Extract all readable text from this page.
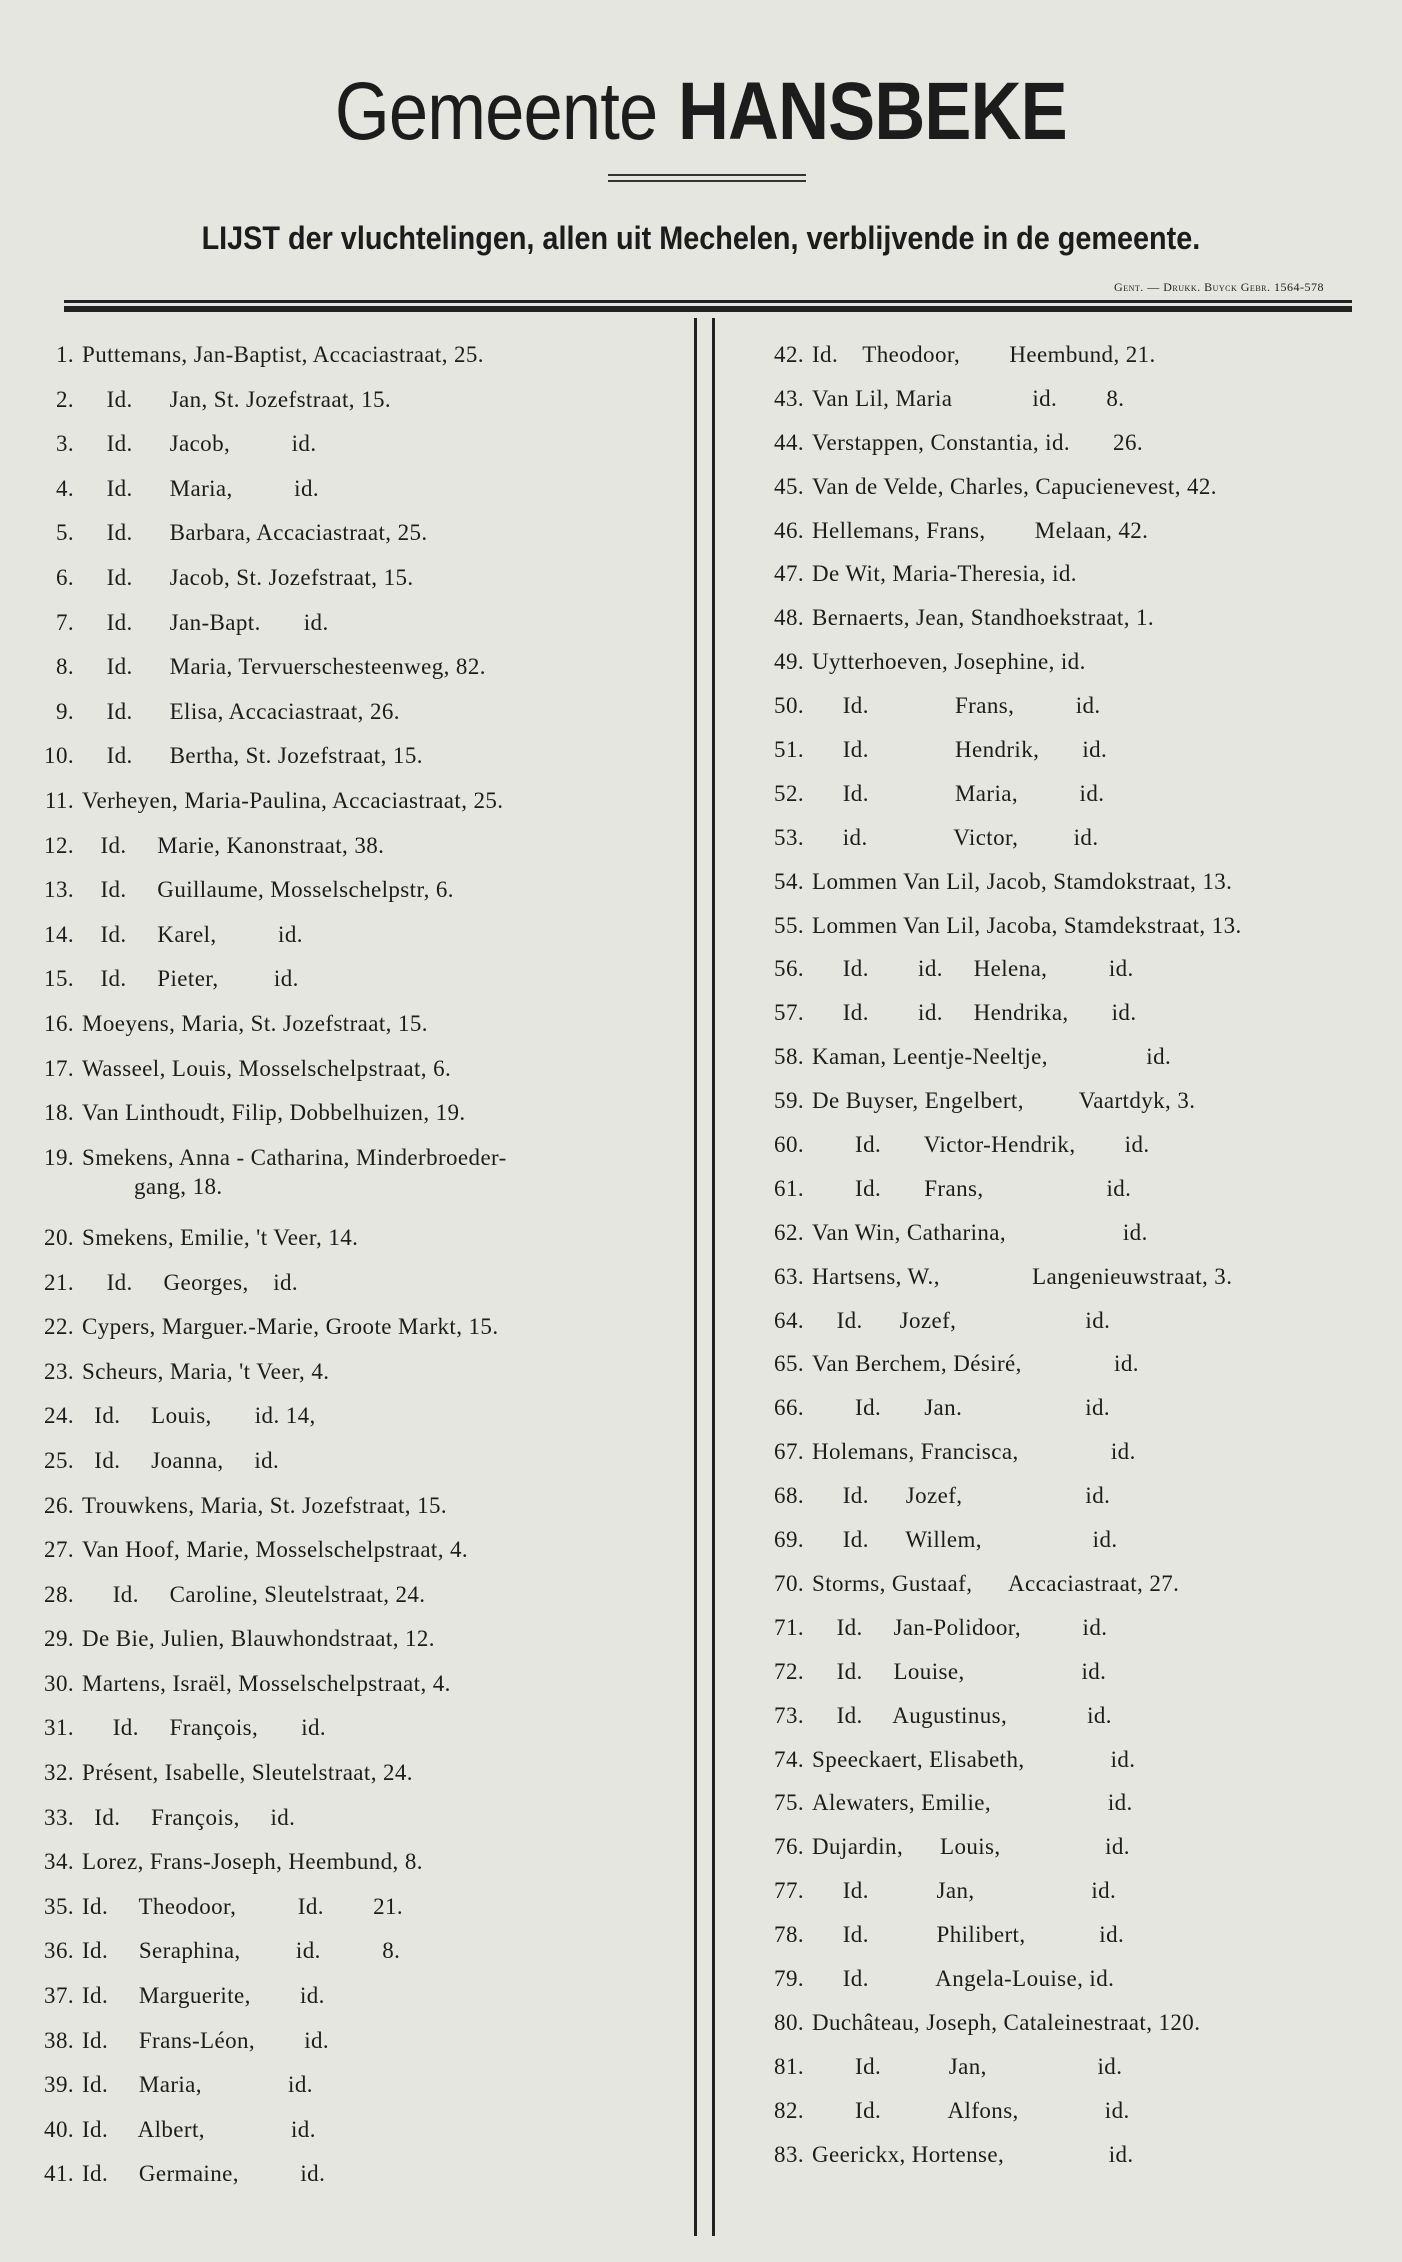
Gemeente HANSBEKE
LIJST der vluchtelingen, allen uit Mechelen, verblijvende in de gemeente.
Gent. — Drukk. Buyck Gebr. 1564-578
1. Puttemans, Jan-Baptist, Accaciastraat, 25.
2.    Id.      Jan, St. Jozefstraat, 15.
3.    Id.      Jacob,          id.
4.    Id.      Maria,          id.
5.    Id.      Barbara, Accaciastraat, 25.
6.    Id.      Jacob, St. Jozefstraat, 15.
7.    Id.      Jan-Bapt.       id.
8.    Id.      Maria, Tervuerschesteenweg, 82.
9.    Id.      Elisa, Accaciastraat, 26.
10.    Id.      Bertha, St. Jozefstraat, 15.
11. Verheyen, Maria-Paulina, Accaciastraat, 25.
12.   Id.     Marie, Kanonstraat, 38.
13.   Id.     Guillaume, Mosselschelpstr, 6.
14.   Id.     Karel,          id.
15.   Id.     Pieter,         id.
16. Moeyens, Maria, St. Jozefstraat, 15.
17. Wasseel, Louis, Mosselschelpstraat, 6.
18. Van Linthoudt, Filip, Dobbelhuizen, 19.
19. Smekens, Anna - Catharina, Minderbroeder-
gang, 18.
20. Smekens, Emilie, 't Veer, 14.
21.    Id.     Georges,    id.
22. Cypers, Marguer.-Marie, Groote Markt, 15.
23. Scheurs, Maria, 't Veer, 4.
24.  Id.     Louis,       id. 14,
25.  Id.     Joanna,     id.
26. Trouwkens, Maria, St. Jozefstraat, 15.
27. Van Hoof, Marie, Mosselschelpstraat, 4.
28.     Id.     Caroline, Sleutelstraat, 24.
29. De Bie, Julien, Blauwhondstraat, 12.
30. Martens, Israël, Mosselschelpstraat, 4.
31.     Id.     François,       id.
32. Présent, Isabelle, Sleutelstraat, 24.
33.  Id.     François,     id.
34. Lorez, Frans-Joseph, Heembund, 8.
35. Id.     Theodoor,          Id.        21.
36. Id.     Seraphina,         id.          8.
37. Id.     Marguerite,        id.
38. Id.     Frans-Léon,        id.
39. Id.     Maria,              id.
40. Id.     Albert,              id.
41. Id.     Germaine,          id.
42. Id.    Theodoor,        Heembund, 21.
43. Van Lil, Maria             id.        8.
44. Verstappen, Constantia, id.       26.
45. Van de Velde, Charles, Capucienevest, 42.
46. Hellemans, Frans,        Melaan, 42.
47. De Wit, Maria-Theresia, id.
48. Bernaerts, Jean, Standhoekstraat, 1.
49. Uytterhoeven, Josephine, id.
50.     Id.              Frans,          id.
51.     Id.              Hendrik,       id.
52.     Id.              Maria,          id.
53.     id.              Victor,         id.
54. Lommen Van Lil, Jacob, Stamdokstraat, 13.
55. Lommen Van Lil, Jacoba, Stamdekstraat, 13.
56.     Id.        id.     Helena,          id.
57.     Id.        id.     Hendrika,       id.
58. Kaman, Leentje-Neeltje,                id.
59. De Buyser, Engelbert,         Vaartdyk, 3.
60.       Id.       Victor-Hendrik,        id.
61.       Id.       Frans,                    id.
62. Van Win, Catharina,                   id.
63. Hartsens, W.,               Langenieuwstraat, 3.
64.    Id.      Jozef,                     id.
65. Van Berchem, Désiré,               id.
66.       Id.       Jan.                    id.
67. Holemans, Francisca,               id.
68.     Id.      Jozef,                    id.
69.     Id.      Willem,                  id.
70. Storms, Gustaaf,      Accaciastraat, 27.
71.    Id.     Jan-Polidoor,          id.
72.    Id.     Louise,                   id.
73.    Id.     Augustinus,             id.
74. Speeckaert, Elisabeth,              id.
75. Alewaters, Emilie,                   id.
76. Dujardin,      Louis,                 id.
77.     Id.           Jan,                   id.
78.     Id.           Philibert,            id.
79.     Id.           Angela-Louise, id.
80. Duchâteau, Joseph, Cataleinestraat, 120.
81.       Id.           Jan,                  id.
82.       Id.           Alfons,              id.
83. Geerickx, Hortense,                 id.
